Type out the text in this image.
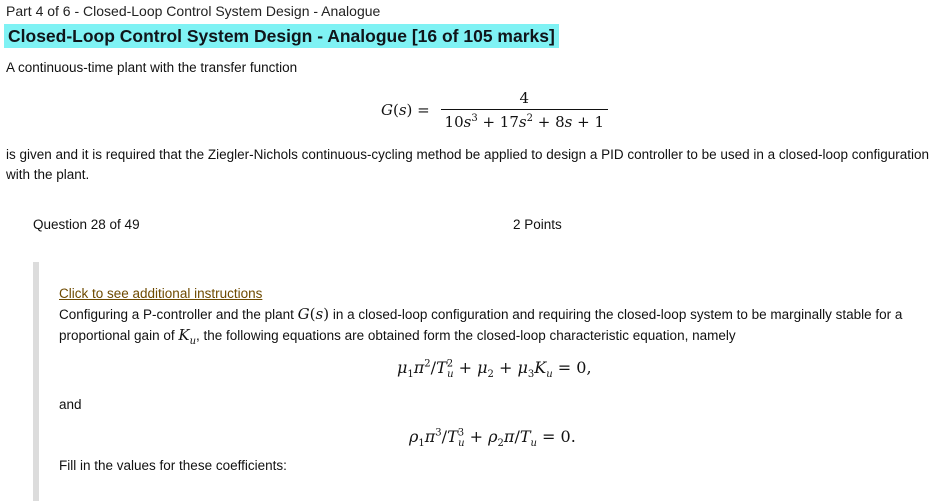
Part 4 of 6 - Closed-Loop Control System Design - Analogue
Closed-Loop Control System Design - Analogue [16 of 105 marks]
A continuous-time plant with the transfer function
$G(s) = \frac{4}{10s^3 + 17s^2 + 8s + 1}$
is given and it is required that the Ziegler-Nichols continuous-cycling method be applied to design a PID controller to be used in a closed-loop configuration
with the plant.
Question 28 of 49	2 Points
Click to see additional instructions
Configuring a P-controller and the plant G(s) in a closed-loop configuration and requiring the closed-loop system to be marginally stable for a
proportional gain of $K_u$, the following equations are obtained form the closed-loop characteristic equation, namely
$\mu_1\pi^2/T^2_u + \mu_2 + \mu_3K_u = 0$,
and
$\rho_1\pi^3/T^3_u + \rho_2\pi/T_u = 0$.
Fill in the values for these coefficients:
